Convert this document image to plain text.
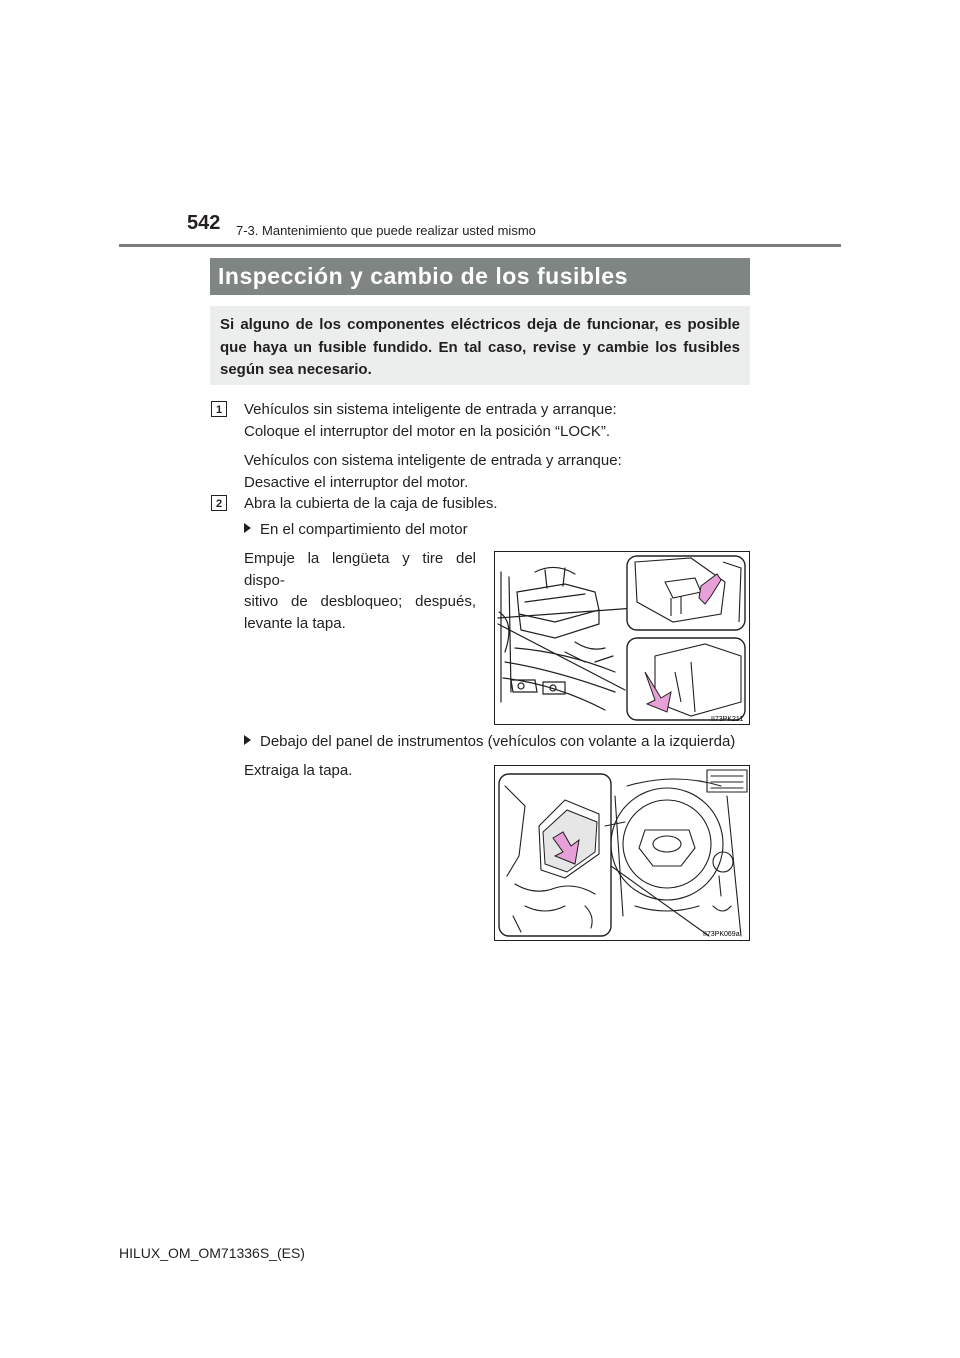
542 7-3. Mantenimiento que puede realizar usted mismo
Inspección y cambio de los fusibles
Si alguno de los componentes eléctricos deja de funcionar, es posible
que haya un fusible fundido. En tal caso, revise y cambie los fusibles
según sea necesario.
1	Vehículos sin sistema inteligente de entrada y arranque:
Coloque el interruptor del motor en la posición “LOCK”.
Vehículos con sistema inteligente de entrada y arranque:
Desactive el interruptor del motor.
2	Abra la cubierta de la caja de fusibles.
En el compartimiento del motor
Empuje la lengüeta y tire del dispo-
sitivo de desbloqueo; después,
levante la tapa.
II73PK211
Debajo del panel de instrumentos (vehículos con volante a la izquierda)
Extraiga la tapa.
II73PK069a
HILUX_OM_OM71336S_(ES)
